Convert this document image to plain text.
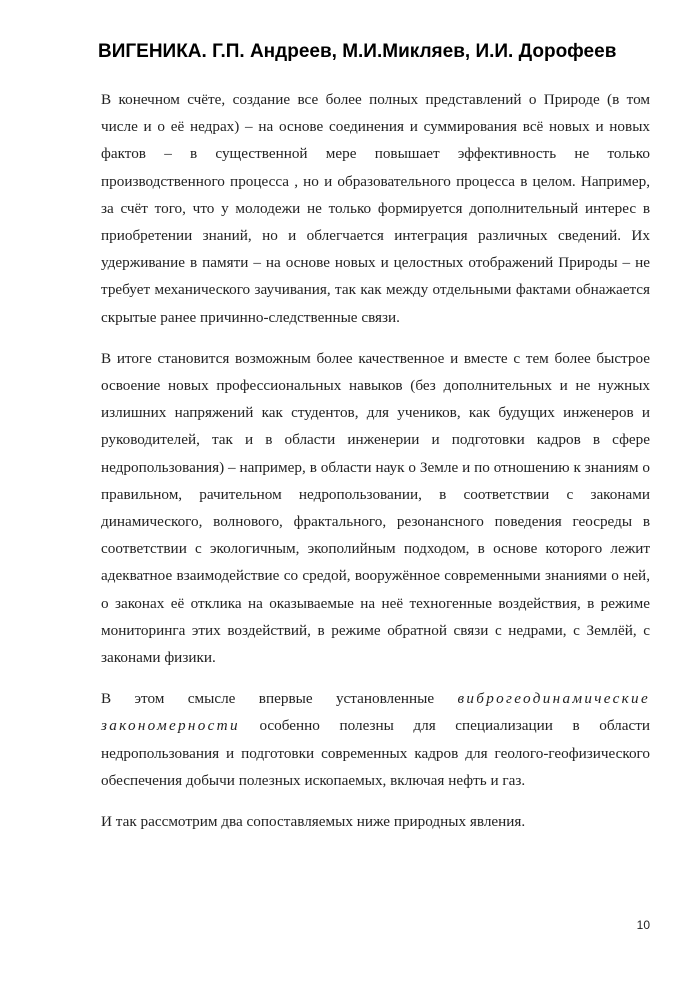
ВИГЕНИКА. Г.П. Андреев, М.И.Микляев, И.И. Дорофеев

В конечном счёте, создание все более полных представлений о Природе (в том числе и о её недрах) – на основе соединения и суммирования всё новых и новых фактов – в существенной мере повышает эффективность не только производственного процесса , но и образовательного процесса в целом. Например, за счёт того, что у молодежи не только формируется дополнительный интерес в приобретении знаний, но и облегчается интеграция различных сведений. Их удерживание в памяти – на основе новых и целостных отображений Природы – не требует механического заучивания, так как между отдельными фактами обнажается скрытые ранее причинно-следственные связи.

В итоге становится возможным более качественное и вместе с тем более быстрое освоение новых профессиональных навыков (без дополнительных и не нужных излишних напряжений как студентов, для учеников, как будущих инженеров и руководителей, так и в области инженерии и подготовки кадров в сфере недропользования) – например, в области наук о Земле и по отношению к знаниям о правильном, рачительном недропользовании, в соответствии с законами динамического, волнового, фрактального, резонансного поведения геосреды в соответствии с экологичным, экополийным подходом, в основе которого лежит адекватное взаимодействие со средой, вооружённое современными знаниями о ней, о законах её отклика на оказываемые на неё техногенные воздействия, в режиме мониторинга этих воздействий, в режиме обратной связи с недрами, с Землёй, с законами физики.

В этом смысле впервые установленные виброгеодинамические закономерности особенно полезны для специализации в области недропользования и подготовки современных кадров для геолого-геофизического обеспечения добычи полезных ископаемых, включая нефть и газ.

И так рассмотрим два сопоставляемых ниже природных явления.

10
